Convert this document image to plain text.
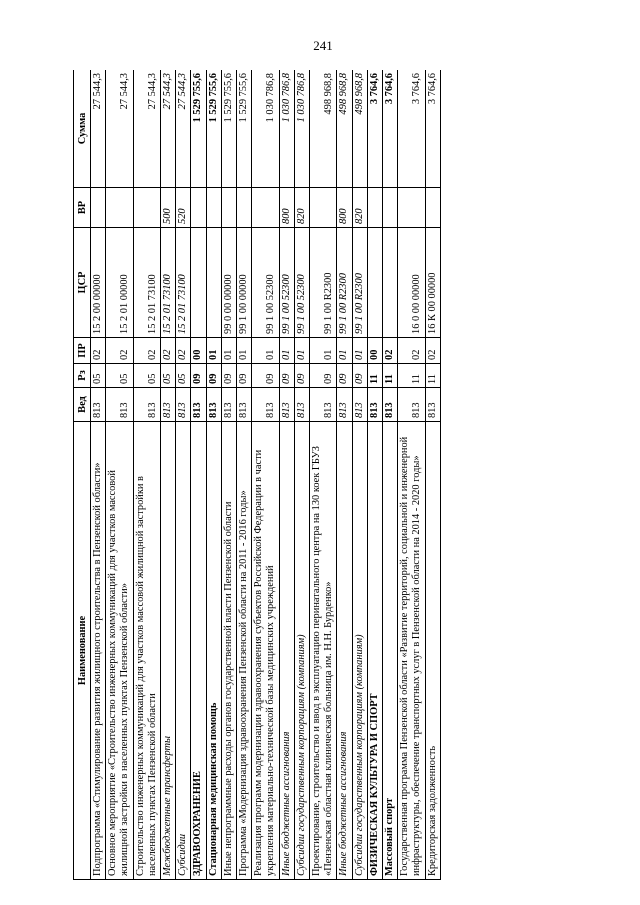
241
Наименование	Вед	Рз	ПР	ЦСР	ВР	Сумма
Подпрограмма «Стимулирование развития жилищного строительства в Пензенской области»	813	05	02	15 2 00 00000		27 544,3
Основное мероприятие «Строительство инженерных коммуникаций для участков массовой жилищной застройки в населенных пунктах Пензенской области»	813	05	02	15 2 01 00000		27 544,3
Строительство инженерных коммуникаций для участков массовой жилищной застройки в населенных пунктах Пензенской области	813	05	02	15 2 01 73100		27 544,3
Межбюджетные трансферты	813	05	02	15 2 01 73100	500	27 544,3
Субсидии	813	05	02	15 2 01 73100	520	27 544,3
ЗДРАВООХРАНЕНИЕ	813	09	00			1 529 755,6
Стационарная медицинская помощь	813	09	01			1 529 755,6
Иные непрограммные расходы органов государственной власти Пензенской области	813	09	01	99 0 00 00000		1 529 755,6
Программа «Модернизация здравоохранения Пензенской области на 2011 - 2016 годы»	813	09	01	99 1 00 00000		1 529 755,6
Реализация программ модернизации здравоохранения субъектов Российской Федерации в части укрепления материально-технической базы медицинских учреждений	813	09	01	99 1 00 52300		1 030 786,8
Иные бюджетные ассигнования	813	09	01	99 1 00 52300	800	1 030 786,8
Субсидии государственным корпорациям (компаниям)	813	09	01	99 1 00 52300	820	1 030 786,8
Проектирование, строительство и ввод в эксплуатацию перинатального центра на 130 коек ГБУЗ «Пензенская областная клиническая больница им. Н.Н. Бурденко»	813	09	01	99 1 00 R2300		498 968,8
Иные бюджетные ассигнования	813	09	01	99 1 00 R2300	800	498 968,8
Субсидии государственным корпорациям (компаниям)	813	09	01	99 1 00 R2300	820	498 968,8
ФИЗИЧЕСКАЯ КУЛЬТУРА И СПОРТ	813	11	00			3 764,6
Массовый спорт	813	11	02			3 764,6
Государственная программа Пензенской области «Развитие территорий, социальной и инженерной инфраструктуры, обеспечение транспортных услуг в Пензенской области на 2014 - 2020 годы»	813	11	02	16 0 00 00000		3 764,6
Кредиторская задолженность	813	11	02	16 К 00 00000		3 764,6
